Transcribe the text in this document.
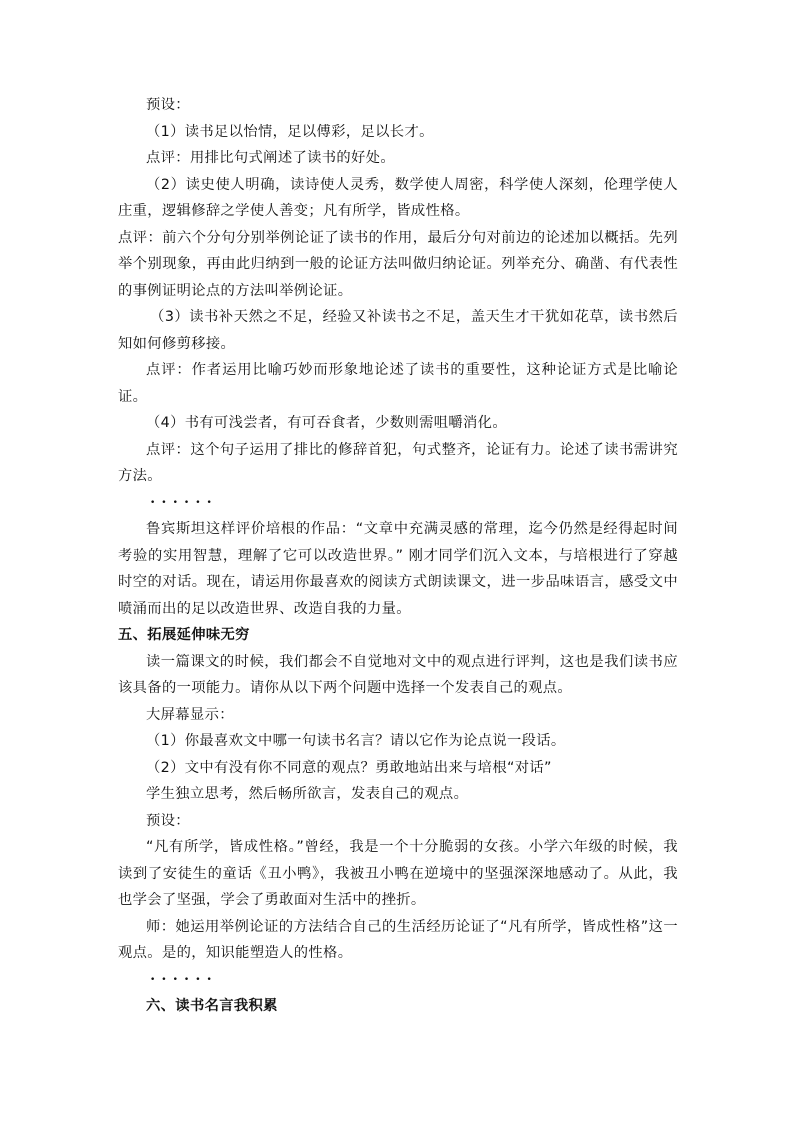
预设：

（1）读书足以怡情，足以傅彩，足以长才。

点评：用排比句式阐述了读书的好处。

（2）读史使人明确，读诗使人灵秀，数学使人周密，科学使人深刻，伦理学使人庄重，逻辑修辞之学使人善变；凡有所学，皆成性格。

点评：前六个分句分别举例论证了读书的作用，最后分句对前边的论述加以概括。先列举个别现象，再由此归纳到一般的论证方法叫做归纳论证。列举充分、确凿、有代表性的事例证明论点的方法叫举例论证。

（3）读书补天然之不足，经验又补读书之不足，盖天生才干犹如花草，读书然后知如何修剪移接。

点评：作者运用比喻巧妙而形象地论述了读书的重要性，这种论证方式是比喻论证。

（4）书有可浅尝者，有可吞食者，少数则需咀嚼消化。

点评：这个句子运用了排比的修辞首犯，句式整齐，论证有力。论述了读书需讲究方法。

••••••

鲁宾斯坦这样评价培根的作品：“文章中充满灵感的常理，迄今仍然是经得起时间考验的实用智慧，理解了它可以改造世界。” 刚才同学们沉入文本，与培根进行了穿越时空的对话。现在，请运用你最喜欢的阅读方式朗读课文，进一步品味语言，感受文中喷涌而出的足以改造世界、改造自我的力量。

五、拓展延伸味无穷

读一篇课文的时候，我们都会不自觉地对文中的观点进行评判，这也是我们读书应该具备的一项能力。请你从以下两个问题中选择一个发表自己的观点。

大屏幕显示：

（1）你最喜欢文中哪一句读书名言？请以它作为论点说一段话。

（2）文中有没有你不同意的观点？勇敢地站出来与培根“对话”

学生独立思考，然后畅所欲言，发表自己的观点。

预设：

“凡有所学，皆成性格。”曾经，我是一个十分脆弱的女孩。小学六年级的时候，我读到了安徒生的童话《丑小鸭》，我被丑小鸭在逆境中的坚强深深地感动了。从此，我也学会了坚强，学会了勇敢面对生活中的挫折。

师：她运用举例论证的方法结合自己的生活经历论证了“凡有所学，皆成性格”这一观点。是的，知识能塑造人的性格。

••••••

六、读书名言我积累
